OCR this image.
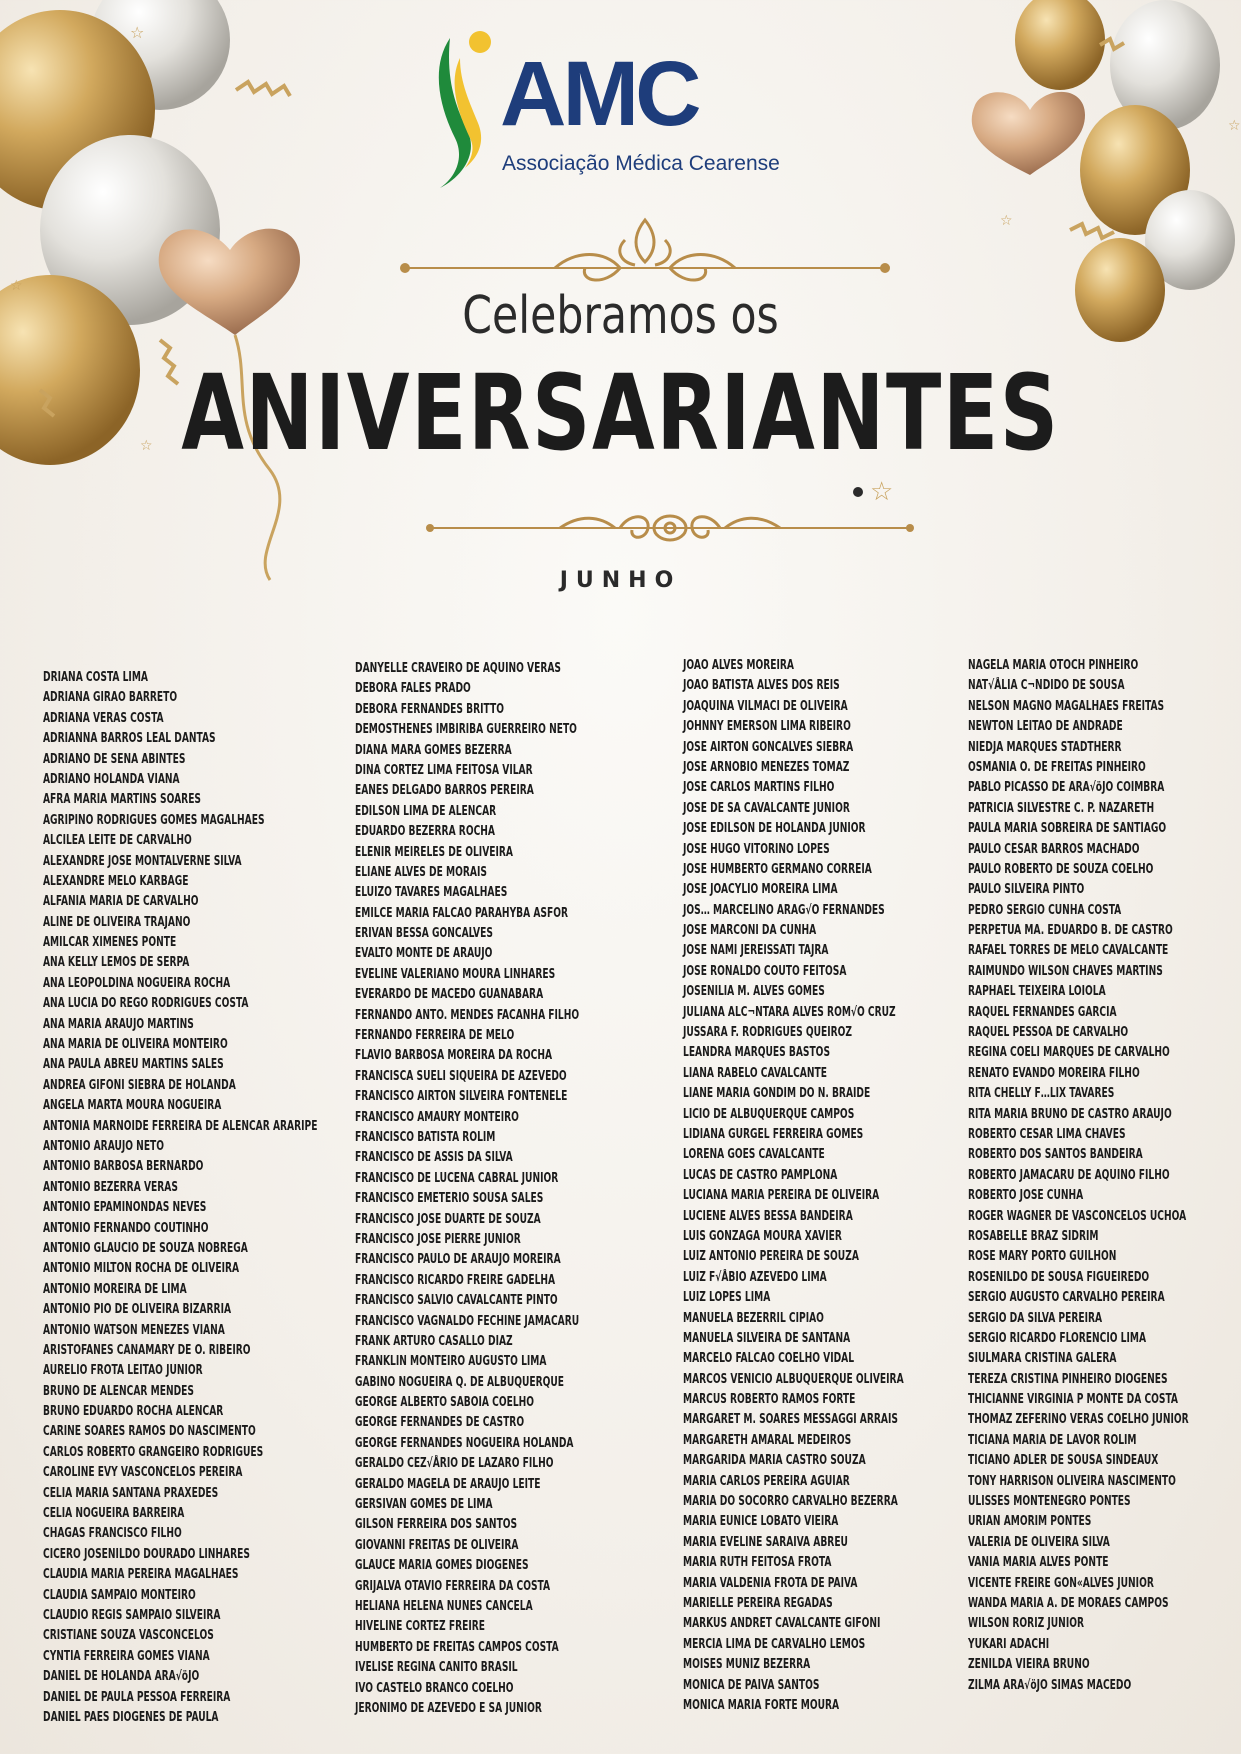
☆
☆
☆
☆
☆
AMC
Associação Médica Cearense
Celebramos os
ANIVERSARIANTES
☆
JUNHO
DRIANA COSTA LIMA
ADRIANA GIRAO BARRETO
ADRIANA VERAS COSTA
ADRIANNA BARROS LEAL DANTAS
ADRIANO DE SENA ABINTES
ADRIANO HOLANDA VIANA
AFRA MARIA MARTINS SOARES
AGRIPINO RODRIGUES GOMES MAGALHAES
ALCILEA LEITE DE CARVALHO
ALEXANDRE JOSE MONTALVERNE SILVA
ALEXANDRE MELO KARBAGE
ALFANIA MARIA DE CARVALHO
ALINE DE OLIVEIRA TRAJANO
AMILCAR XIMENES PONTE
ANA KELLY LEMOS DE SERPA
ANA LEOPOLDINA NOGUEIRA ROCHA
ANA LUCIA DO REGO RODRIGUES COSTA
ANA MARIA ARAUJO MARTINS
ANA MARIA DE OLIVEIRA MONTEIRO
ANA PAULA ABREU MARTINS SALES
ANDREA GIFONI SIEBRA DE HOLANDA
ANGELA MARTA MOURA NOGUEIRA
ANTONIA MARNOIDE FERREIRA DE ALENCAR ARARIPE
ANTONIO ARAUJO NETO
ANTONIO BARBOSA BERNARDO
ANTONIO BEZERRA VERAS
ANTONIO EPAMINONDAS NEVES
ANTONIO FERNANDO COUTINHO
ANTONIO GLAUCIO DE SOUZA NOBREGA
ANTONIO MILTON ROCHA DE OLIVEIRA
ANTONIO MOREIRA DE LIMA
ANTONIO PIO DE OLIVEIRA BIZARRIA
ANTONIO WATSON MENEZES VIANA
ARISTOFANES CANAMARY DE O. RIBEIRO
AURELIO FROTA LEITAO JUNIOR
BRUNO DE ALENCAR MENDES
BRUNO EDUARDO ROCHA ALENCAR
CARINE SOARES RAMOS DO NASCIMENTO
CARLOS ROBERTO GRANGEIRO RODRIGUES
CAROLINE EVY VASCONCELOS PEREIRA
CELIA MARIA SANTANA PRAXEDES
CELIA NOGUEIRA BARREIRA
CHAGAS FRANCISCO FILHO
CICERO JOSENILDO DOURADO LINHARES
CLAUDIA MARIA PEREIRA MAGALHAES
CLAUDIA SAMPAIO MONTEIRO
CLAUDIO REGIS SAMPAIO SILVEIRA
CRISTIANE SOUZA VASCONCELOS
CYNTIA FERREIRA GOMES VIANA
DANIEL DE HOLANDA ARA√öJO
DANIEL DE PAULA PESSOA FERREIRA
DANIEL PAES DIOGENES DE PAULA
DANYELLE CRAVEIRO DE AQUINO VERAS
DEBORA FALES PRADO
DEBORA FERNANDES BRITTO
DEMOSTHENES IMBIRIBA GUERREIRO NETO
DIANA MARA GOMES BEZERRA
DINA CORTEZ LIMA FEITOSA VILAR
EANES DELGADO BARROS PEREIRA
EDILSON LIMA DE ALENCAR
EDUARDO BEZERRA ROCHA
ELENIR MEIRELES DE OLIVEIRA
ELIANE ALVES DE MORAIS
ELUIZO TAVARES MAGALHAES
EMILCE MARIA FALCAO PARAHYBA ASFOR
ERIVAN BESSA GONCALVES
EVALTO MONTE DE ARAUJO
EVELINE VALERIANO MOURA LINHARES
EVERARDO DE MACEDO GUANABARA
FERNANDO ANTO. MENDES FACANHA FILHO
FERNANDO FERREIRA DE MELO
FLAVIO BARBOSA MOREIRA DA ROCHA
FRANCISCA SUELI SIQUEIRA DE AZEVEDO
FRANCISCO AIRTON SILVEIRA FONTENELE
FRANCISCO AMAURY MONTEIRO
FRANCISCO BATISTA ROLIM
FRANCISCO DE ASSIS DA SILVA
FRANCISCO DE LUCENA CABRAL JUNIOR
FRANCISCO EMETERIO SOUSA SALES
FRANCISCO JOSE DUARTE DE SOUZA
FRANCISCO JOSE PIERRE JUNIOR
FRANCISCO PAULO DE ARAUJO MOREIRA
FRANCISCO RICARDO FREIRE GADELHA
FRANCISCO SALVIO CAVALCANTE PINTO
FRANCISCO VAGNALDO FECHINE JAMACARU
FRANK ARTURO CASALLO DIAZ
FRANKLIN MONTEIRO AUGUSTO LIMA
GABINO NOGUEIRA Q. DE ALBUQUERQUE
GEORGE ALBERTO SABOIA COELHO
GEORGE FERNANDES DE CASTRO
GEORGE FERNANDES NOGUEIRA HOLANDA
GERALDO CEZ√ÅRIO DE LAZARO FILHO
GERALDO MAGELA DE ARAUJO LEITE
GERSIVAN GOMES DE LIMA
GILSON FERREIRA DOS SANTOS
GIOVANNI FREITAS DE OLIVEIRA
GLAUCE MARIA GOMES DIOGENES
GRIJALVA OTAVIO FERREIRA DA COSTA
HELIANA HELENA NUNES CANCELA
HIVELINE CORTEZ FREIRE
HUMBERTO DE FREITAS CAMPOS COSTA
IVELISE REGINA CANITO BRASIL
IVO CASTELO BRANCO COELHO
JERONIMO DE AZEVEDO E SA JUNIOR
JOAO ALVES MOREIRA
JOAO BATISTA ALVES DOS REIS
JOAQUINA VILMACI DE OLIVEIRA
JOHNNY EMERSON LIMA RIBEIRO
JOSE AIRTON GONCALVES SIEBRA
JOSE ARNOBIO MENEZES TOMAZ
JOSE CARLOS MARTINS FILHO
JOSE DE SA CAVALCANTE JUNIOR
JOSE EDILSON DE HOLANDA JUNIOR
JOSE HUGO VITORINO LOPES
JOSE HUMBERTO GERMANO CORREIA
JOSE JOACYLIO MOREIRA LIMA
JOS… MARCELINO ARAG√O FERNANDES
JOSE MARCONI DA CUNHA
JOSE NAMI JEREISSATI TAJRA
JOSE RONALDO COUTO FEITOSA
JOSENILIA M. ALVES GOMES
JULIANA ALC¬NTARA ALVES ROM√O CRUZ
JUSSARA F. RODRIGUES QUEIROZ
LEANDRA MARQUES BASTOS
LIANA RABELO CAVALCANTE
LIANE MARIA GONDIM DO N. BRAIDE
LICIO DE ALBUQUERQUE CAMPOS
LIDIANA GURGEL FERREIRA GOMES
LORENA GOES CAVALCANTE
LUCAS DE CASTRO PAMPLONA
LUCIANA MARIA PEREIRA DE OLIVEIRA
LUCIENE ALVES BESSA BANDEIRA
LUIS GONZAGA MOURA XAVIER
LUIZ ANTONIO PEREIRA DE SOUZA
LUIZ F√ÅBIO AZEVEDO LIMA
LUIZ LOPES LIMA
MANUELA BEZERRIL CIPIAO
MANUELA SILVEIRA DE SANTANA
MARCELO FALCAO COELHO VIDAL
MARCOS VENICIO ALBUQUERQUE OLIVEIRA
MARCUS ROBERTO RAMOS FORTE
MARGARET M. SOARES MESSAGGI ARRAIS
MARGARETH AMARAL MEDEIROS
MARGARIDA MARIA CASTRO SOUZA
MARIA CARLOS PEREIRA AGUIAR
MARIA DO SOCORRO CARVALHO BEZERRA
MARIA EUNICE LOBATO VIEIRA
MARIA EVELINE SARAIVA ABREU
MARIA RUTH FEITOSA FROTA
MARIA VALDENIA FROTA DE PAIVA
MARIELLE PEREIRA REGADAS
MARKUS ANDRET CAVALCANTE GIFONI
MERCIA LIMA DE CARVALHO LEMOS
MOISES MUNIZ BEZERRA
MONICA DE PAIVA SANTOS
MONICA MARIA FORTE MOURA
NAGELA MARIA OTOCH PINHEIRO
NAT√ÅLIA C¬NDIDO DE SOUSA
NELSON MAGNO MAGALHAES FREITAS
NEWTON LEITAO DE ANDRADE
NIEDJA MARQUES STADTHERR
OSMANIA O. DE FREITAS PINHEIRO
PABLO PICASSO DE ARA√öJO COIMBRA
PATRICIA SILVESTRE C. P. NAZARETH
PAULA MARIA SOBREIRA DE SANTIAGO
PAULO CESAR BARROS MACHADO
PAULO ROBERTO DE SOUZA COELHO
PAULO SILVEIRA PINTO
PEDRO SERGIO CUNHA COSTA
PERPETUA MA. EDUARDO B. DE CASTRO
RAFAEL TORRES DE MELO CAVALCANTE
RAIMUNDO WILSON CHAVES MARTINS
RAPHAEL TEIXEIRA LOIOLA
RAQUEL FERNANDES GARCIA
RAQUEL PESSOA DE CARVALHO
REGINA COELI MARQUES DE CARVALHO
RENATO EVANDO MOREIRA FILHO
RITA CHELLY F…LIX TAVARES
RITA MARIA BRUNO DE CASTRO ARAUJO
ROBERTO CESAR LIMA CHAVES
ROBERTO DOS SANTOS BANDEIRA
ROBERTO JAMACARU DE AQUINO FILHO
ROBERTO JOSE CUNHA
ROGER WAGNER DE VASCONCELOS UCHOA
ROSABELLE BRAZ SIDRIM
ROSE MARY PORTO GUILHON
ROSENILDO DE SOUSA FIGUEIREDO
SERGIO AUGUSTO CARVALHO PEREIRA
SERGIO DA SILVA PEREIRA
SERGIO RICARDO FLORENCIO LIMA
SIULMARA CRISTINA GALERA
TEREZA CRISTINA PINHEIRO DIOGENES
THICIANNE VIRGINIA P MONTE DA COSTA
THOMAZ ZEFERINO VERAS COELHO JUNIOR
TICIANA MARIA DE LAVOR ROLIM
TICIANO ADLER DE SOUSA SINDEAUX
TONY HARRISON OLIVEIRA NASCIMENTO
ULISSES MONTENEGRO PONTES
URIAN AMORIM PONTES
VALERIA DE OLIVEIRA SILVA
VANIA MARIA ALVES PONTE
VICENTE FREIRE GON«ALVES JUNIOR
WANDA MARIA A. DE MORAES CAMPOS
WILSON RORIZ JUNIOR
YUKARI ADACHI
ZENILDA VIEIRA BRUNO
ZILMA ARA√öJO SIMAS MACEDO
